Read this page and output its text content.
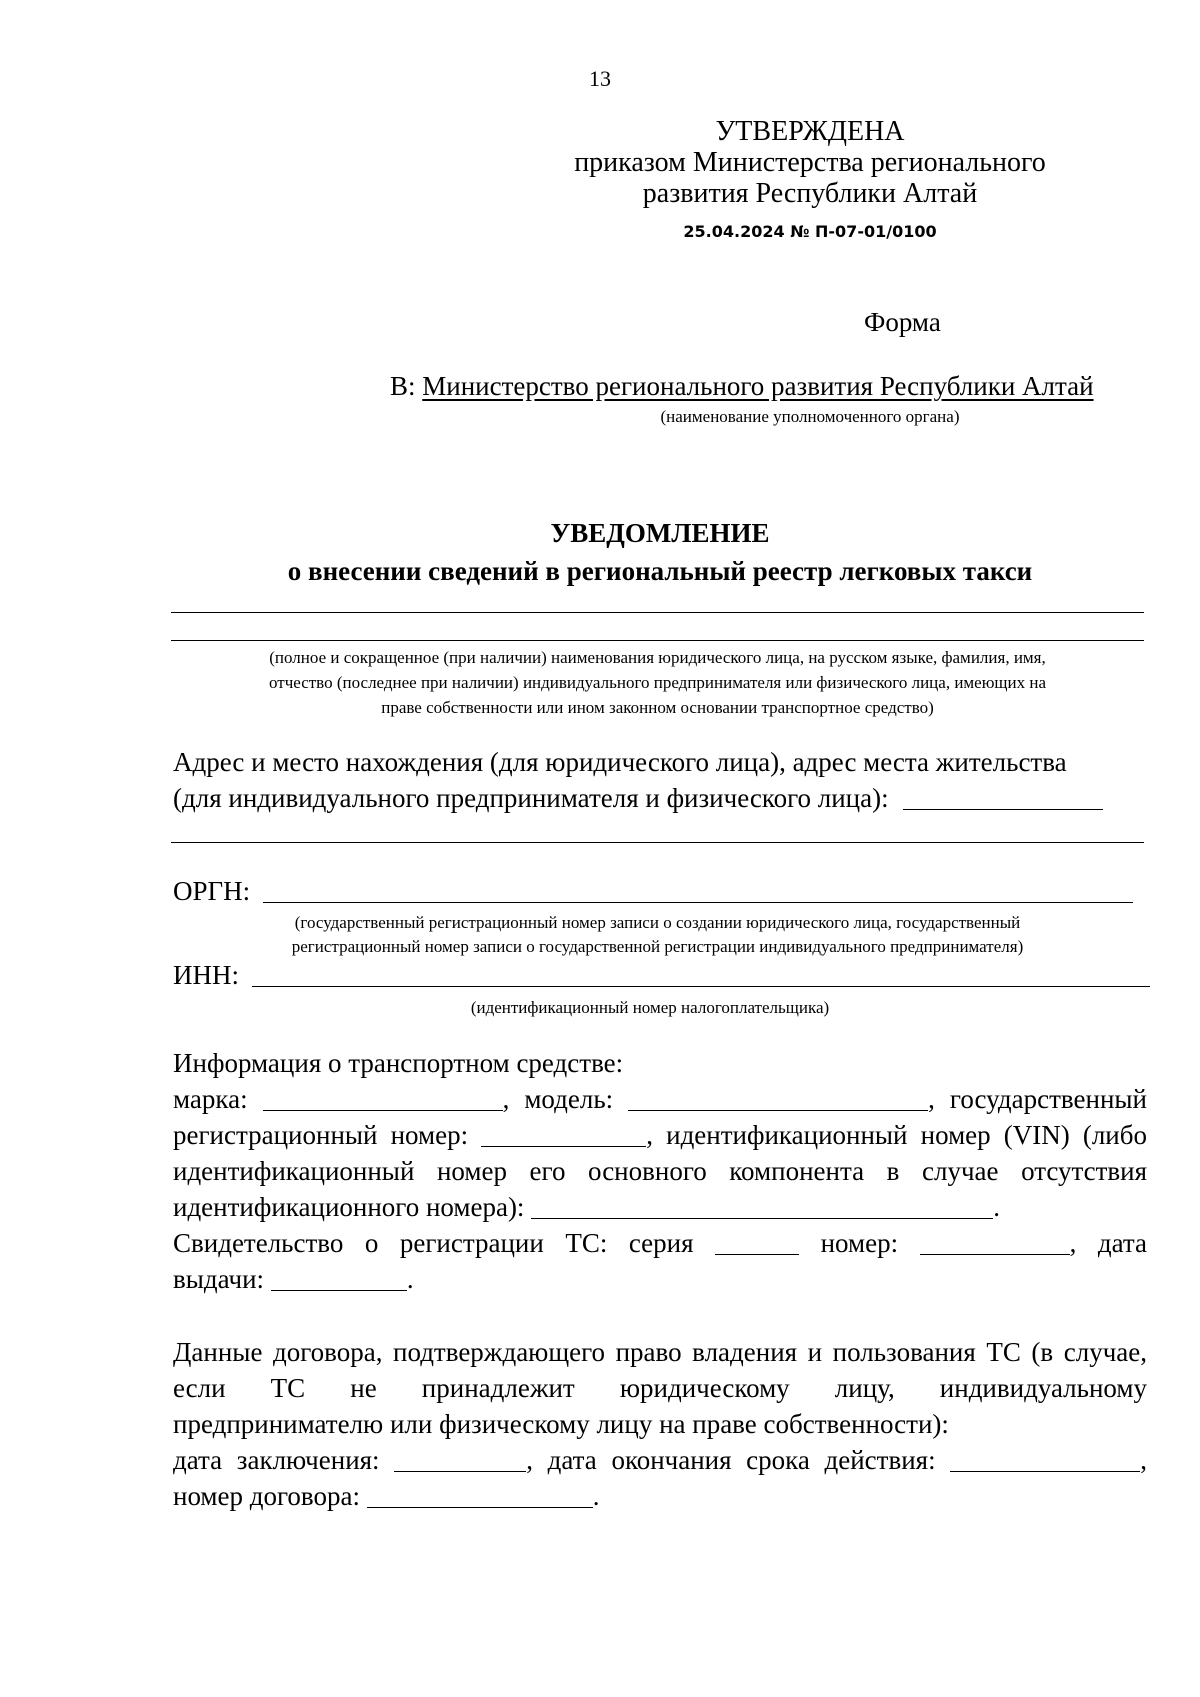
13
УТВЕРЖДЕНА
приказом Министерства регионального
развития Республики Алтай
25.04.2024 № П-07-01/0100
Форма
В: Министерство регионального развития Республики Алтай
(наименование уполномоченного органа)
УВЕДОМЛЕНИЕ
о внесении сведений в региональный реестр легковых такси
(полное и сокращенное (при наличии) наименования юридического лица, на русском языке, фамилия, имя,
отчество (последнее при наличии) индивидуального предпринимателя или физического лица, имеющих на
праве собственности или ином законном основании транспортное средство)
Адрес и место нахождения (для юридического лица), адрес места жительства
(для индивидуального предпринимателя и физического лица):
ОРГН:
(государственный регистрационный номер записи о создании юридического лица, государственный
регистрационный номер записи о государственной регистрации индивидуального предпринимателя)
ИНН:
(идентификационный номер налогоплательщика)
Информация о транспортном средстве:
марка:	, модель:	, государственный
регистрационный номер:	, идентификационный номер (VIN) (либо
идентификационный номер его основного компонента в случае отсутствия
идентификационного номера):	.
Свидетельство о регистрации ТС: серия	номер:	, дата
выдачи:	.
Данные договора, подтверждающего право владения и пользования ТС (в случае,
если ТС не принадлежит юридическому лицу, индивидуальному
предпринимателю или физическому лицу на праве собственности):
дата заключения:	, дата окончания срока действия:	,
номер договора:	.
